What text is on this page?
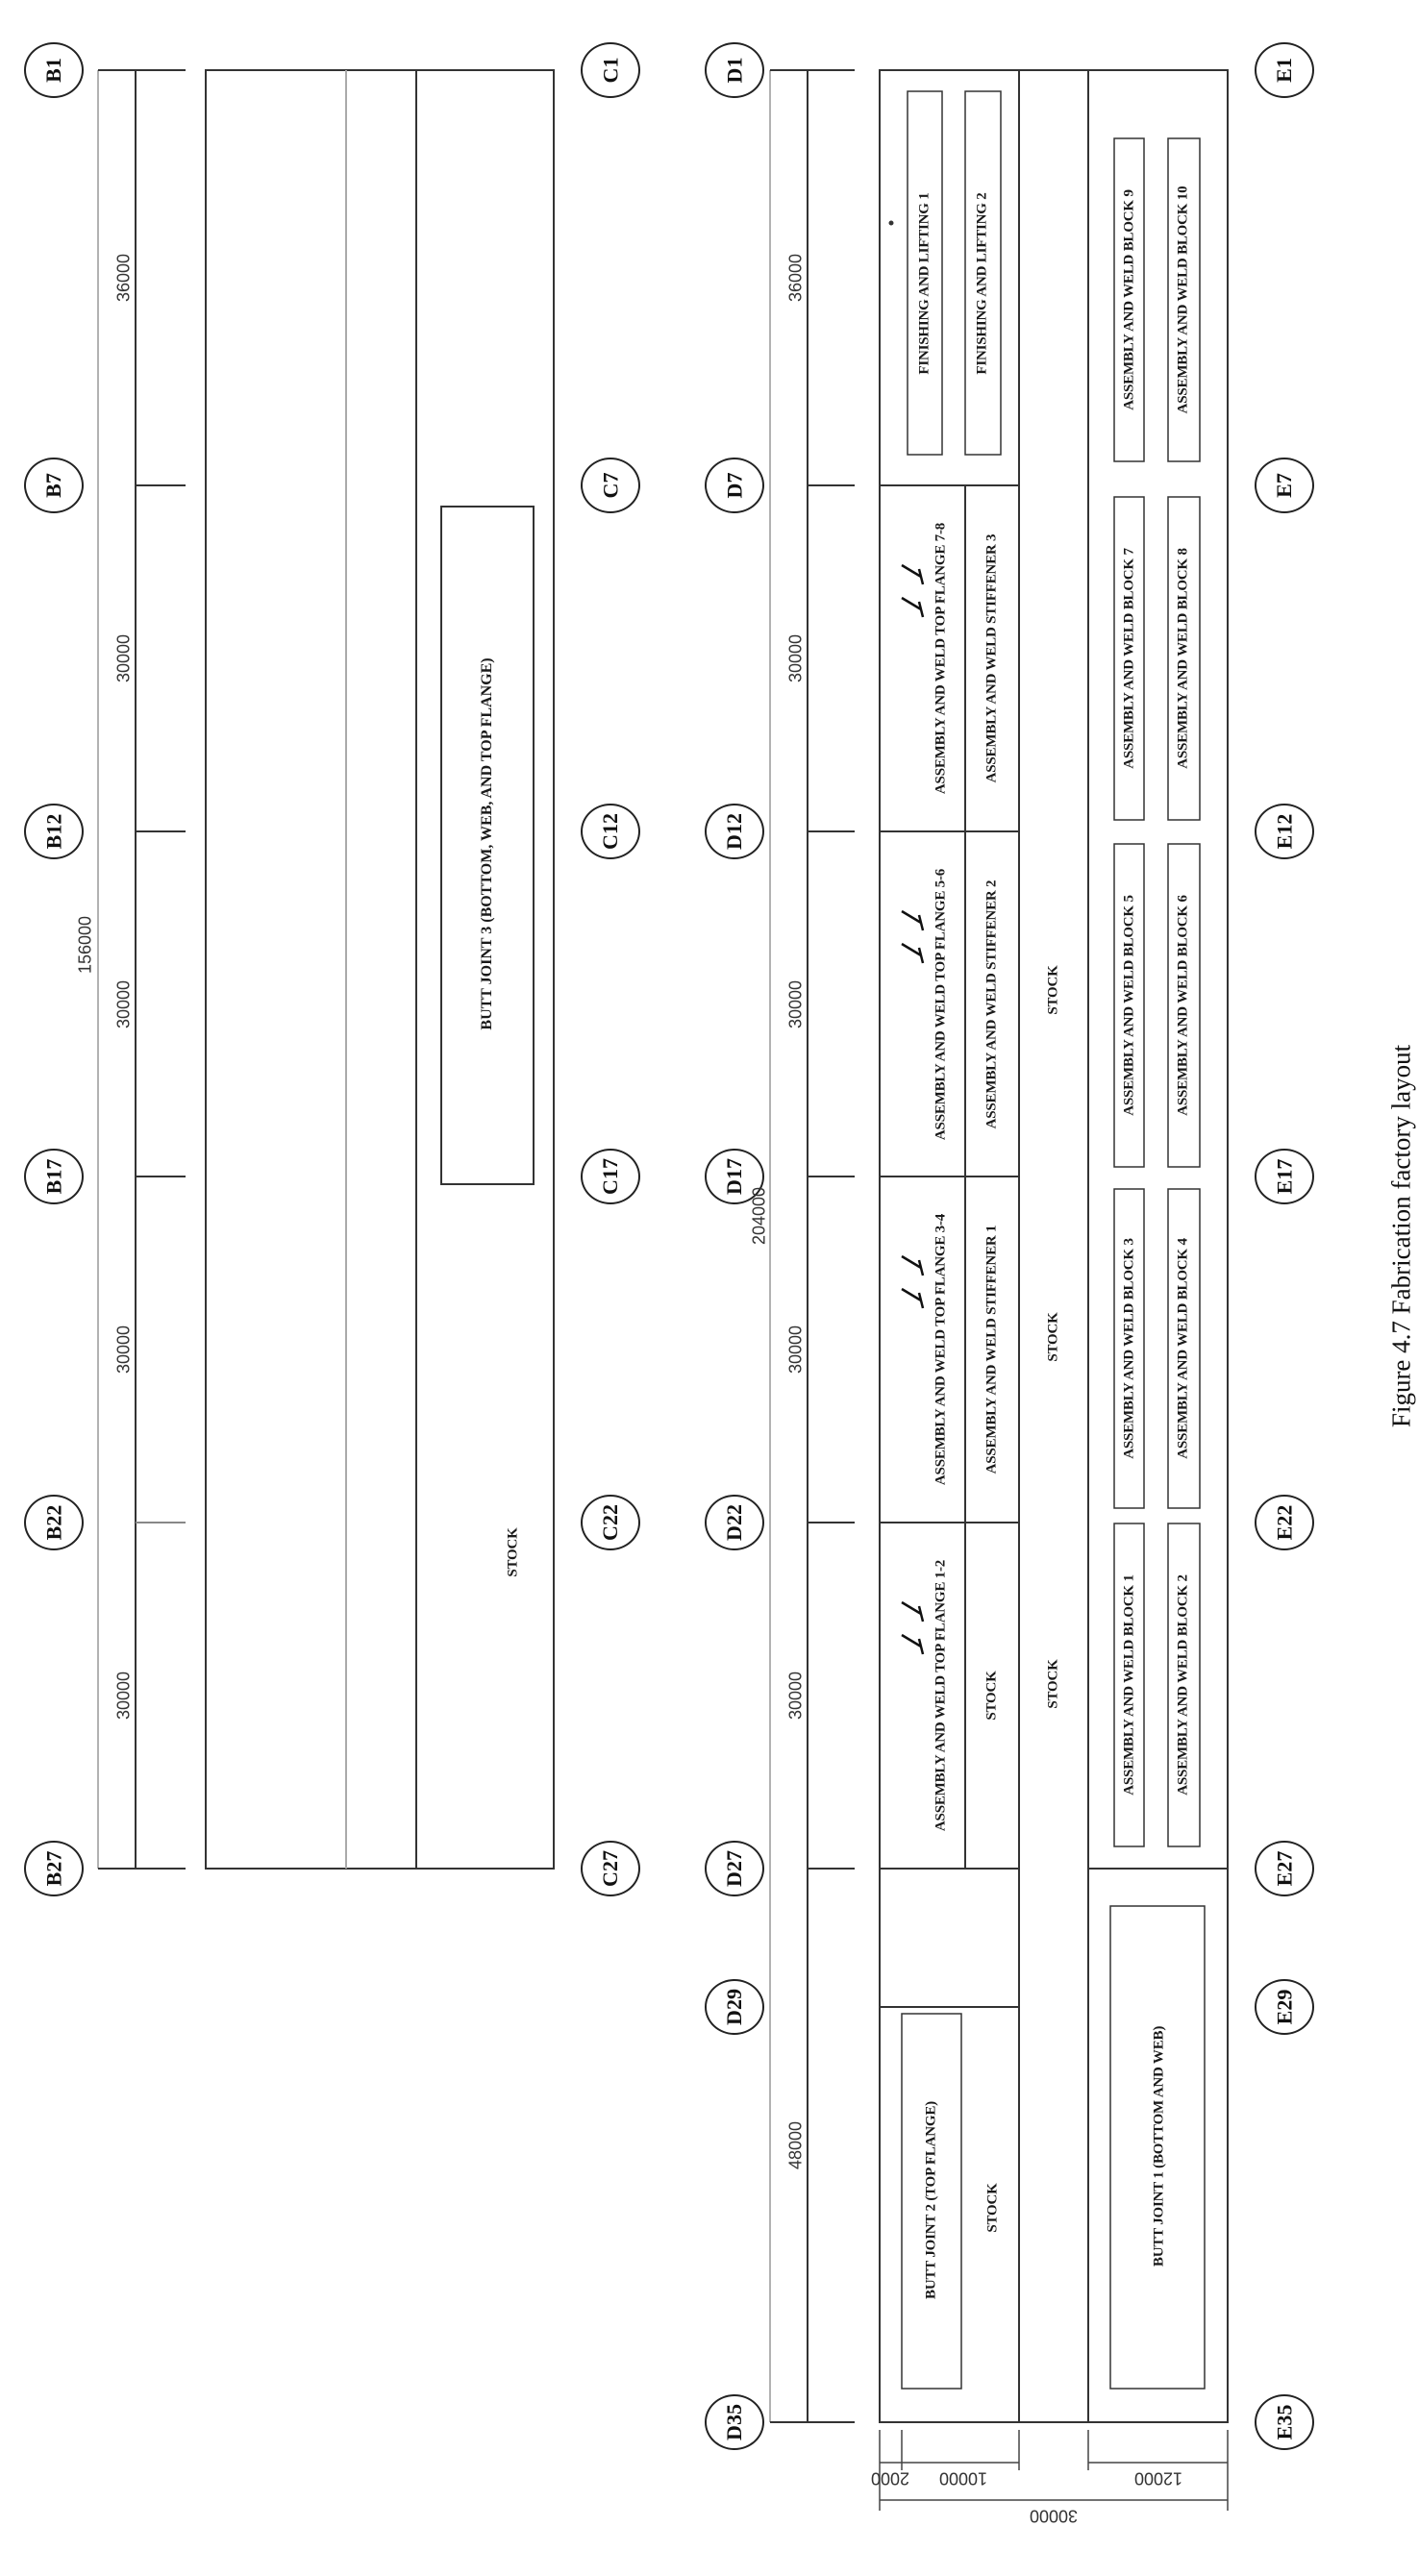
B1
B7
B12
B17
B22
B27
C1
C7
C12
C17
C22
C27
D1
D7
D12
D17
D22
D27
D29
D35
E1
E7
E12
E17
E22
E27
E29
E35
156000
36000
30000
30000
30000
30000
204000
36000
30000
30000
30000
30000
48000
2000 10000	12000
30000
BUTT JOINT 3 (BOTTOM, WEB, AND TOP FLANGE)
STOCK
FINISHING AND LIFTING 1	FINISHING AND LIFTING 2
ASSEMBLY AND WELD TOP FLANGE 7-8
ASSEMBLY AND WELD TOP FLANGE 5-6
ASSEMBLY AND WELD TOP FLANGE 3-4
ASSEMBLY AND WELD TOP FLANGE 1-2
ASSEMBLY AND WELD STIFFENER 3
ASSEMBLY AND WELD STIFFENER 2
ASSEMBLY AND WELD STIFFENER 1
STOCK
STOCK
STOCK
STOCK
ASSEMBLY AND WELD BLOCK 9
ASSEMBLY AND WELD BLOCK 7
ASSEMBLY AND WELD BLOCK 5
ASSEMBLY AND WELD BLOCK 3
ASSEMBLY AND WELD BLOCK 1
ASSEMBLY AND WELD BLOCK 10
ASSEMBLY AND WELD BLOCK 8
ASSEMBLY AND WELD BLOCK 6
ASSEMBLY AND WELD BLOCK 4
ASSEMBLY AND WELD BLOCK 2
BUTT JOINT 2 (TOP FLANGE)	STOCK	BUTT JOINT 1 (BOTTOM AND WEB)
Figure 4.7 Fabrication factory layout
